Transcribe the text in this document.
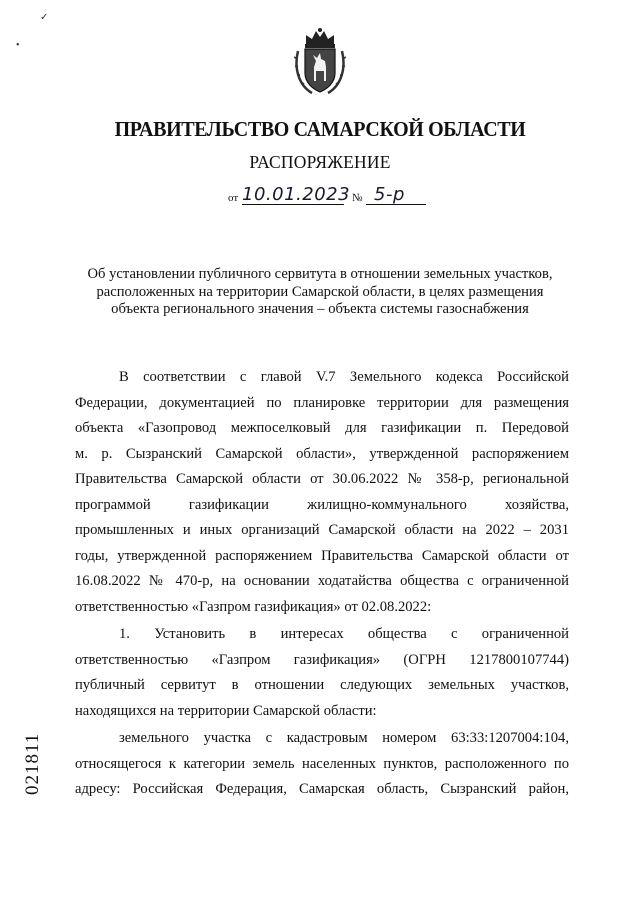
ПРАВИТЕЛЬСТВО САМАРСКОЙ ОБЛАСТИ
РАСПОРЯЖЕНИЕ
от 10.01.2023 № 5-р
✓
•
Об установлении публичного сервитута в отношении земельных участков,
расположенных на территории Самарской области, в целях размещения
объекта регионального значения – объекта системы газоснабжения
В соответствии с главой V.7 Земельного кодекса Российской
Федерации, документацией по планировке территории для размещения
объекта «Газопровод межпоселковый для газификации п. Передовой
м. р. Сызранский Самарской области», утвержденной распоряжением
Правительства Самарской области от 30.06.2022 № 358-р, региональной
программой газификации жилищно-коммунального хозяйства,
промышленных и иных организаций Самарской области на 2022 – 2031
годы, утвержденной распоряжением Правительства Самарской области от
16.08.2022 № 470-р, на основании ходатайства общества с ограниченной
ответственностью «Газпром газификация» от 02.08.2022:
1. Установить в интересах общества с ограниченной
ответственностью «Газпром газификация» (ОГРН 1217800107744)
публичный сервитут в отношении следующих земельных участков,
находящихся на территории Самарской области:
земельного участка с кадастровым номером 63:33:1207004:104,
относящегося к категории земель населенных пунктов, расположенного по
адресу: Российская Федерация, Самарская область, Сызранский район,
021811
